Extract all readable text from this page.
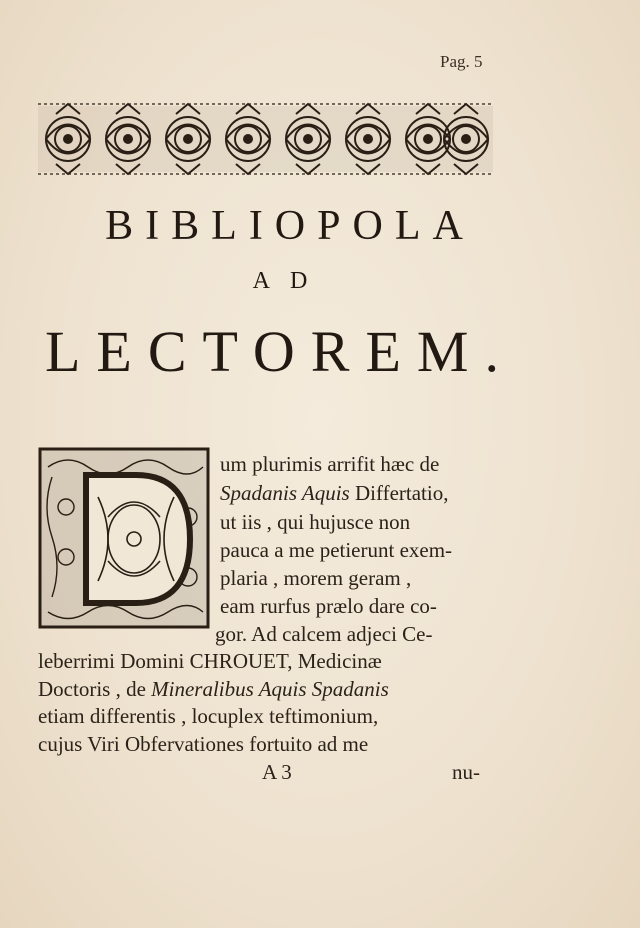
Pag. 5
BIBLIOPOLA
AD
LECTOREM.
um plurimis arrifit hæc de
Spadanis Aquis Differtatio,
ut iis , qui hujusce non
pauca a me petierunt exem-
plaria , morem geram ,
eam rurfus prælo dare co-
gor. Ad calcem adjeci Ce-
leberrimi Domini CHROUET, Medicinæ
Doctoris , de Mineralibus Aquis Spadanis
etiam differentis , locuplex teftimonium,
cujus Viri Obfervationes fortuito ad me
A 3	nu-
